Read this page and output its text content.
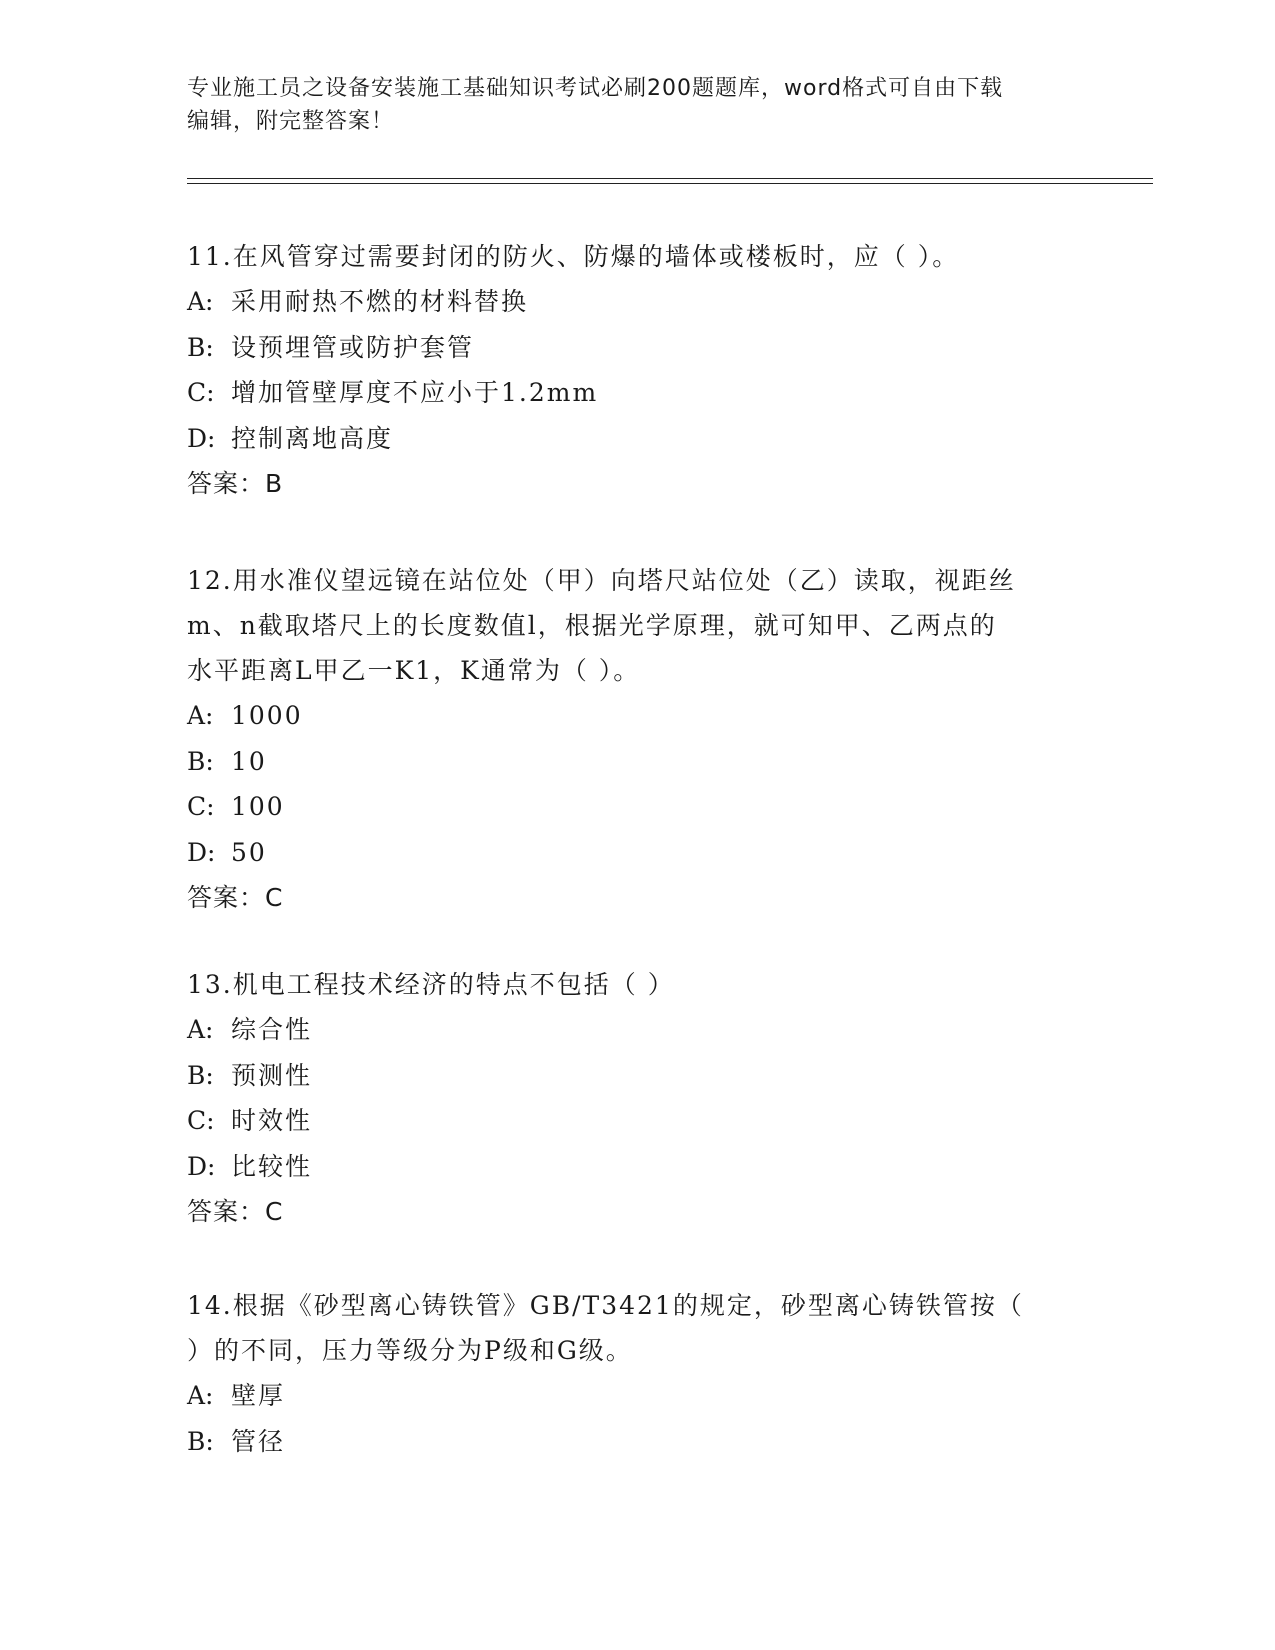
专业施工员之设备安装施工基础知识考试必刷200题题库，word格式可自由下载
编辑，附完整答案！
11.在风管穿过需要封闭的防火、防爆的墙体或楼板时，应（ ）。
A: 采用耐热不燃的材料替换
B: 设预埋管或防护套管
C: 增加管壁厚度不应小于1.2mm
D: 控制离地高度
答案：B
12.用水准仪望远镜在站位处（甲）向塔尺站位处（乙）读取，视距丝
m、n截取塔尺上的长度数值l，根据光学原理，就可知甲、乙两点的
水平距离L甲乙一K1，K通常为（ ）。
A: 1000
B: 10
C: 100
D: 50
答案：C
13.机电工程技术经济的特点不包括（ ）
A: 综合性
B: 预测性
C: 时效性
D: 比较性
答案：C
14.根据《砂型离心铸铁管》GB/T3421的规定，砂型离心铸铁管按（
）的不同，压力等级分为P级和G级。
A: 壁厚
B: 管径
